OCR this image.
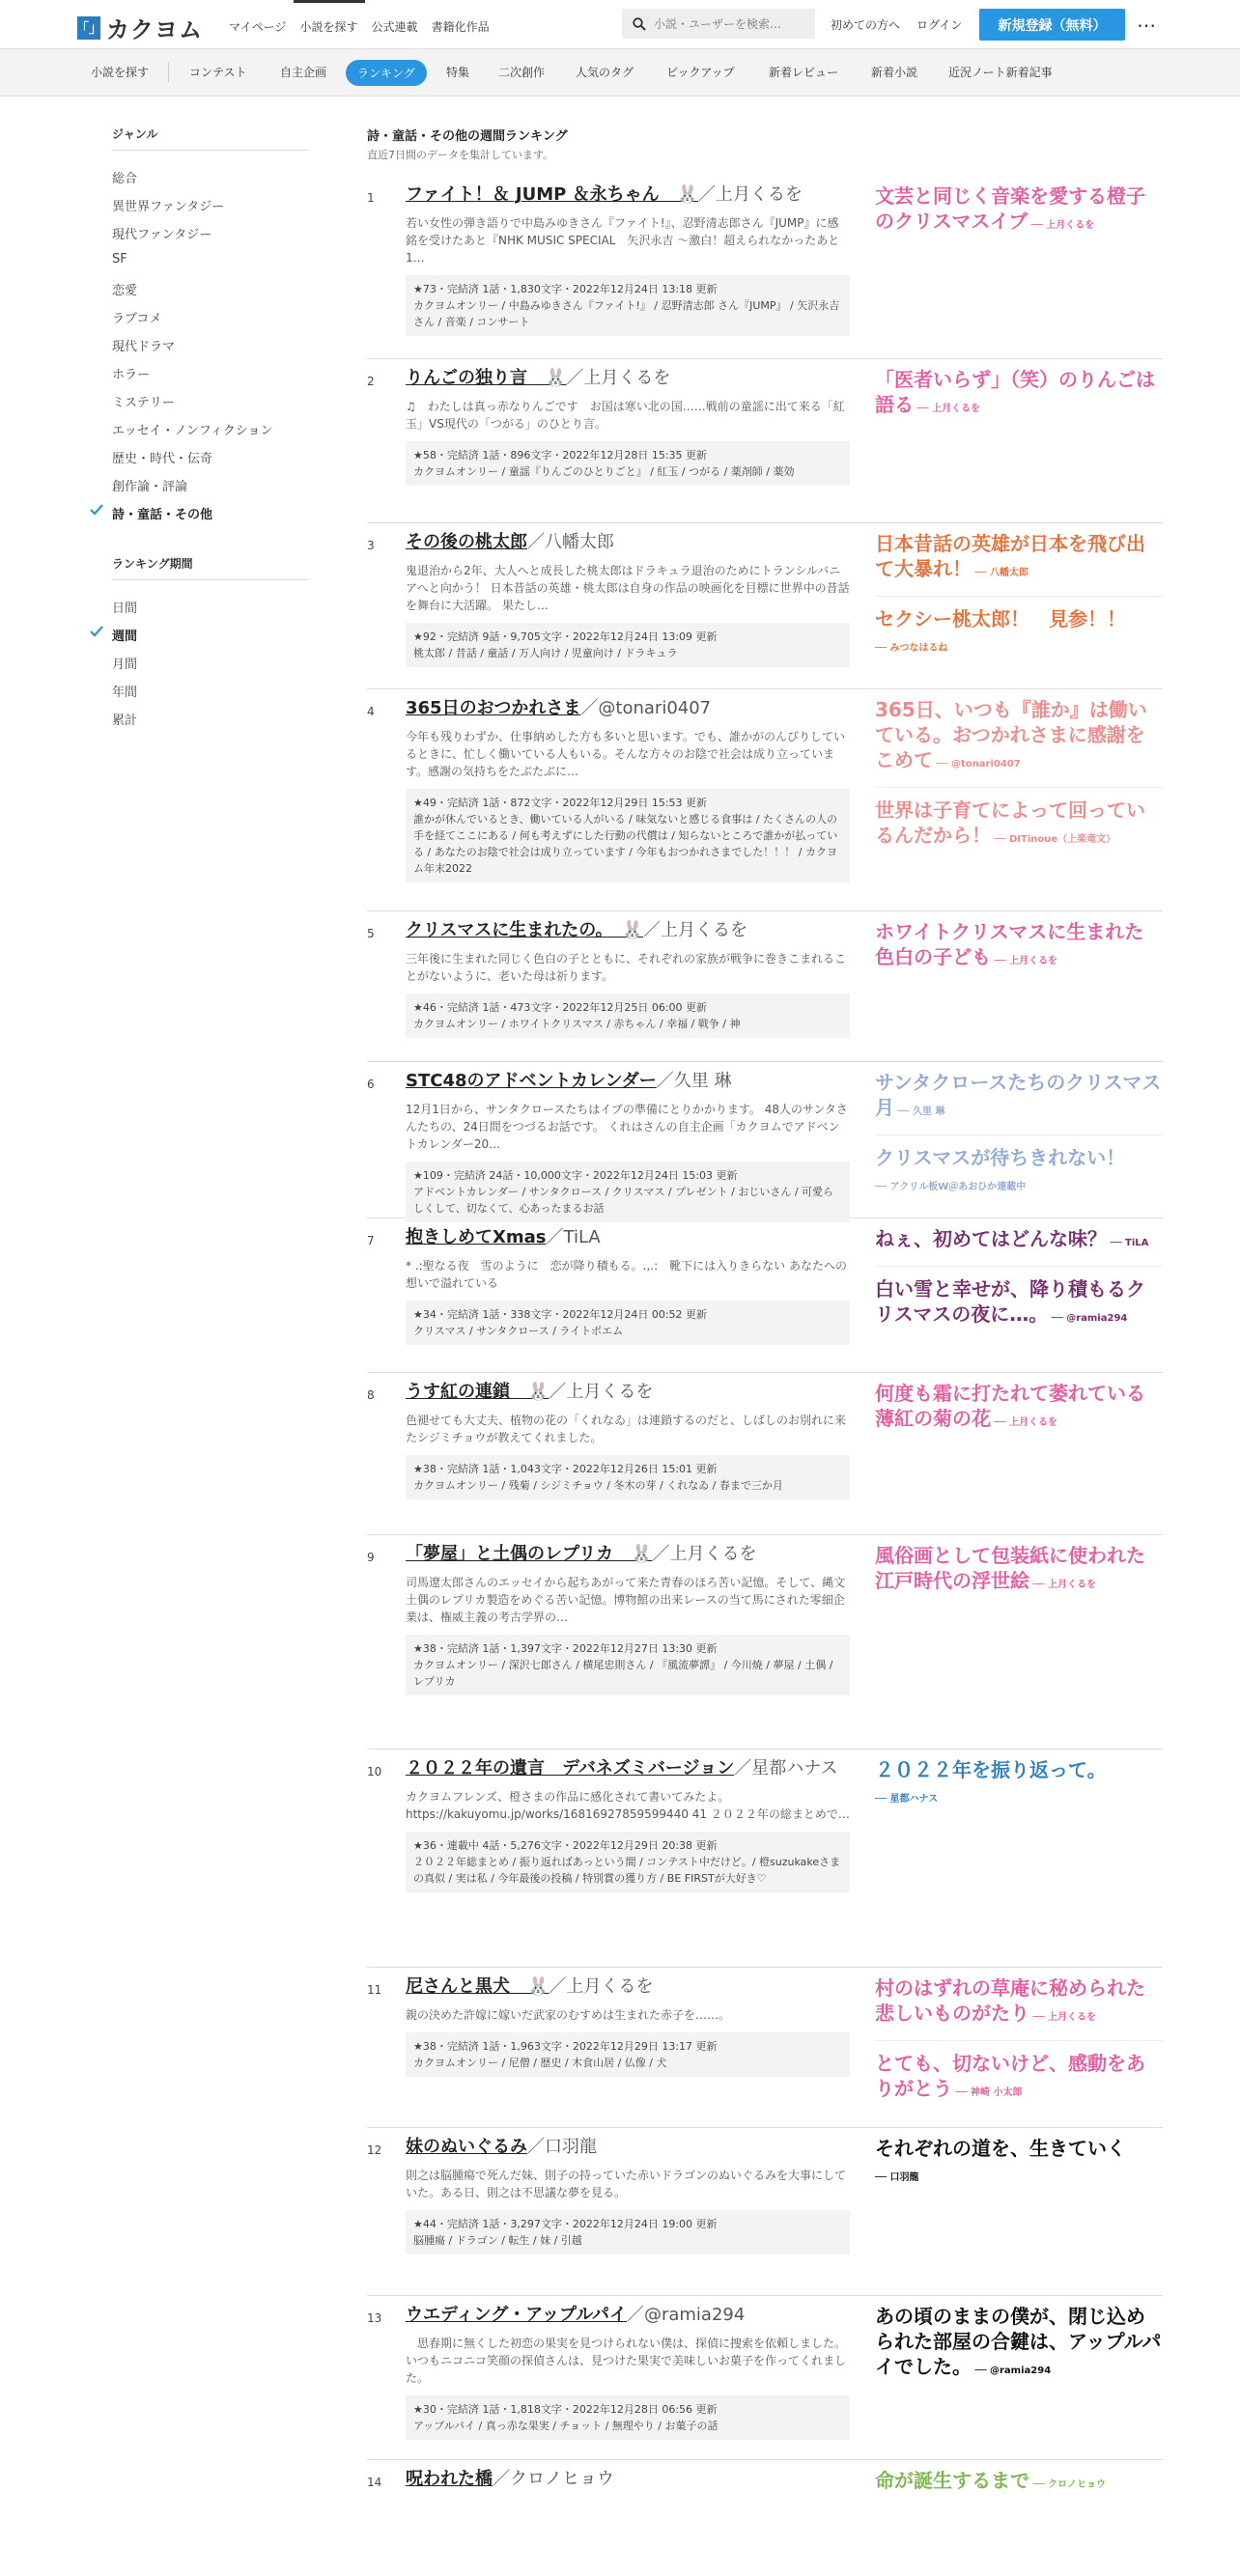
「」 カクヨム	マイページ	小説を探す	公式連載	書籍化作品
小説・ユーザーを検索…	初めての方へ ログイン	新規登録（無料）	⋯
小説を探す	コンテスト	自主企画	ランキング	特集 二次創作	人気のタグ	ピックアップ	新着レビュー	新着小説	近況ノート新着記事
ジャンル
総合
異世界ファンタジー
現代ファンタジー
SF
恋愛
ラブコメ
現代ドラマ
ホラー
ミステリー
エッセイ・ノンフィクション
歴史・時代・伝奇
創作論・評論
詩・童話・その他
ランキング期間
日間
週間
月間
年間
累計
詩・童話・その他の週間ランキング
直近7日間のデータを集計しています。
1 ファイト！＆ JUMP ＆永ちゃん　🐰／上月くるを
若い女性の弾き語りで中島みゆきさん『ファイト!』、忍野清志郎さん『JUMP』に感銘を受けたあと『NHK MUSIC SPECIAL　矢沢永吉 ～激白！超えられなかったあと1…
★73・完結済 1話・1,830文字・2022年12月24日 13:18 更新
カクヨムオンリー / 中島みゆきさん『ファイト!』 / 忍野清志郎 さん『JUMP』 / 矢沢永吉さん / 音楽 / コンサート
文芸と同じく音楽を愛する橙子のクリスマスイブ ── 上月くるを
2 りんごの独り言　🐰／上月くるを
♫　わたしは真っ赤なりんごです　お国は寒い北の国……戦前の童謡に出て来る「紅玉」VS現代の「つがる」のひとり言。
★58・完結済 1話・896文字・2022年12月28日 15:35 更新
カクヨムオンリー / 童謡『りんごのひとりごと』 / 紅玉 / つがる / 薬剤師 / 薬効
「医者いらず」（笑）のりんごは語る ── 上月くるを
3 その後の桃太郎／八幡太郎
鬼退治から2年、大人へと成長した桃太郎はドラキュラ退治のためにトランシルバニアへと向かう！ 日本昔話の英雄・桃太郎は自身の作品の映画化を目標に世界中の昔話を舞台に大活躍。 果たし…
★92・完結済 9話・9,705文字・2022年12月24日 13:09 更新
桃太郎 / 昔話 / 童話 / 万人向け / 児童向け / ドラキュラ
日本昔話の英雄が日本を飛び出て大暴れ！ ── 八幡太郎
セクシー桃太郎！　見参！！ ── みつなはるね
4 365日のおつかれさま／@tonari0407
今年も残りわずか、仕事納めした方も多いと思います。でも、誰かがのんびりしているときに、忙しく働いている人もいる。そんな方々のお陰で社会は成り立っています。感謝の気持ちをたぶたぶに…
★49・完結済 1話・872文字・2022年12月29日 15:53 更新
誰かが休んでいるとき、働いている人がいる / 味気ないと感じる食事は / たくさんの人の手を経てここにある / 何も考えずにした行動の代償は / 知らないところで誰かが払っている / あなたのお陰で社会は成り立っています / 今年もおつかれさまでした！！！ / カクヨム年末2022
365日、いつも『誰か』は働いている。おつかれさまに感謝をこめて ── @tonari0407
世界は子育てによって回っているんだから！ ── DITinoue（上楽竜文）
5 クリスマスに生まれたの。　🐰／上月くるを
三年後に生まれた同じく色白の子とともに、それぞれの家族が戦争に巻きこまれることがないように、老いた母は祈ります。
★46・完結済 1話・473文字・2022年12月25日 06:00 更新
カクヨムオンリー / ホワイトクリスマス / 赤ちゃん / 幸福 / 戦争 / 神
ホワイトクリスマスに生まれた色白の子ども ── 上月くるを
6 STC48のアドベントカレンダー／久里 琳
12月1日から、サンタクロースたちはイブの準備にとりかかります。 48人のサンタさんたちの、24日間をつづるお話です。 くれはさんの自主企画「カクヨムでアドベントカレンダー20…
★109・完結済 24話・10,000文字・2022年12月24日 15:03 更新
アドベントカレンダー / サンタクロース / クリスマス / プレゼント / おじいさん / 可愛らしくして、切なくて、心あったまるお話
サンタクロースたちのクリスマス月 ── 久里 琳
クリスマスが待ちきれない！ ── アクリル板W＠あおひか連載中
7 抱きしめてXmas／TiLA
* .:聖なる夜　雪のように　恋が降り積もる。.,.:　靴下には入りきらない あなたへの想いで溢れている
★34・完結済 1話・338文字・2022年12月24日 00:52 更新
クリスマス / サンタクロース / ライトポエム
ねぇ、初めてはどんな味？ ── TiLA
白い雪と幸せが、降り積もるクリスマスの夜に…。 ── @ramia294
8 うす紅の連鎖　🐰／上月くるを
色褪せても大丈夫、植物の花の「くれなゐ」は連鎖するのだと、しばしのお別れに来たシジミチョウが教えてくれました。
★38・完結済 1話・1,043文字・2022年12月26日 15:01 更新
カクヨムオンリー / 残菊 / シジミチョウ / 冬木の芽 / くれなゐ / 春まで三か月
何度も霜に打たれて萎れている薄紅の菊の花 ── 上月くるを
9 「夢屋」と土偶のレプリカ　🐰／上月くるを
司馬遼太郎さんのエッセイから起ちあがって来た青春のほろ苦い記憶。そして、縄文土偶のレプリカ製造をめぐる苦い記憶。博物館の出来レースの当て馬にされた零細企業は、権威主義の考古学界の…
★38・完結済 1話・1,397文字・2022年12月27日 13:30 更新
カクヨムオンリー / 深沢七郎さん / 横尾忠則さん / 『風流夢譚』 / 今川焼 / 夢屋 / 土偶 / レプリカ
風俗画として包装紙に使われた江戸時代の浮世絵 ── 上月くるを
10 ２０２２年の遺言　デバネズミバージョン／星都ハナス
カクヨムフレンズ、橙さまの作品に感化されて書いてみたよ。 https://kakuyomu.jp/works/16816927859599440 41 ２０２２年の総まとめで…
★36・連載中 4話・5,276文字・2022年12月29日 20:38 更新
２０２２年総まとめ / 振り返ればあっという間 / コンテスト中だけど。/ 橙suzukakeさまの真似 / 実は私 / 今年最後の投稿 / 特別賞の獲り方 / BE FIRSTが大好き♡
２０２２年を振り返って。 ── 星都ハナス
11 尼さんと黒犬　🐰／上月くるを
親の決めた許嫁に嫁いだ武家のむすめは生まれた赤子を……。
★38・完結済 1話・1,963文字・2022年12月29日 13:17 更新
カクヨムオンリー / 尼僧 / 歴史 / 木食山居 / 仏像 / 犬
村のはずれの草庵に秘められた悲しいものがたり ── 上月くるを
とても、切ないけど、感動をありがとう ── 神崎 小太郎
12 妹のぬいぐるみ／口羽龍
則之は脳腫瘍で死んだ妹、則子の持っていた赤いドラゴンのぬいぐるみを大事にしていた。ある日、則之は不思議な夢を見る。
★44・完結済 1話・3,297文字・2022年12月24日 19:00 更新
脳腫瘍 / ドラゴン / 転生 / 妹 / 引越
それぞれの道を、生きていく ── 口羽龍
13 ウエディング・アップルパイ／@ramia294
　思春期に無くした初恋の果実を見つけられない僕は、探偵に捜索を依頼しました。　いつもニコニコ笑顔の探偵さんは、見つけた果実で美味しいお菓子を作ってくれました。
★30・完結済 1話・1,818文字・2022年12月28日 06:56 更新
アップルパイ / 真っ赤な果実 / チョット / 無理やり / お菓子の話
あの頃のままの僕が、閉じ込められた部屋の合鍵は、アップルパイでした。 ── @ramia294
14 呪われた橋／クロノヒョウ	命が誕生するまで ── クロノヒョウ
